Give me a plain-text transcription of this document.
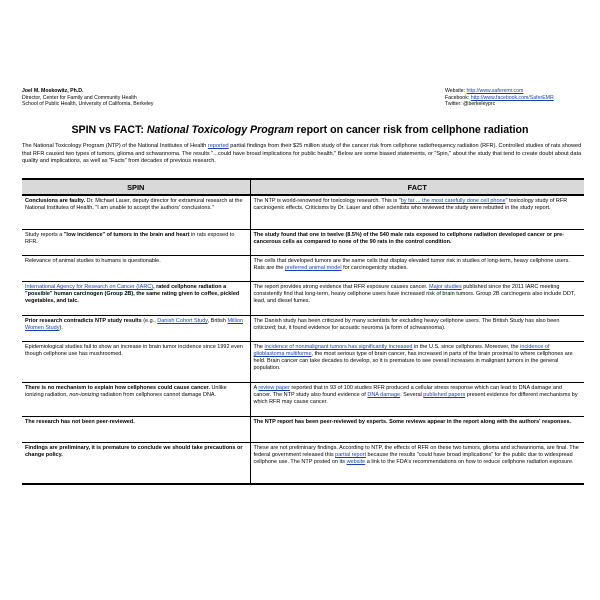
Joel M. Moskowitz, Ph.D.
Director, Center for Family and Community Health
School of Public Health, University of California, Berkeley
Website: http://www.saferemr.com
Facebook: http://www.facebook.com/SaferEMR
Twitter: @berkeleyprc
SPIN vs FACT: National Toxicology Program report on cancer risk from cellphone radiation
The National Toxicology Program (NTP) of the National Institutes of Health reported partial findings from their $25 million study of the cancer risk from cellphone radiofrequency radiation (RFR). Controlled studies of rats showed that RFR caused two types of tumors, glioma and schwannoma. The results "...could have broad implications for public health." Below are some biased statements, or "Spin," about the study that tend to create doubt about data quality and implications, as well as "Facts" from decades of previous research.
SPIN	FACT
Conclusions are faulty. Dr. Michael Lauer, deputy director for extramural research at the National Institutes of Health, "I am unable to accept the authors' conclusions."	The NTP is world-renowned for toxicology research. This is "by far ... the most carefully done cell phone" toxicology study of RFR carcinogenic effects. Criticisms by Dr. Lauer and other scientists who reviewed the study were rebutted in the study report.
Study reports a "low incidence" of tumors in the brain and heart in rats exposed to RFR.	The study found that one in twelve (8.5%) of the 540 male rats exposed to cellphone radiation developed cancer or pre-cancerous cells as compared to none of the 90 rats in the control condition.
Relevance of animal studies to humans is questionable.	The cells that developed tumors are the same cells that display elevated tumor risk in studies of long-term, heavy cellphone users. Rats are the preferred animal model for carcinogenicity studies.
International Agency for Research on Cancer (IARC), rated cellphone radiation a "possible" human carcinogen (Group 2B), the same rating given to coffee, pickled vegetables, and talc.	The report provides strong evidence that RFR exposure causes cancer. Major studies published since the 2011 IARC meeting consistently find that long-term, heavy cellphone users have increased risk of brain tumors. Group 2B carcinogens also include DDT, lead, and diesel fumes.
Prior research contradicts NTP study results (e.g., Danish Cohort Study, British Million Women Study).	The Danish study has been criticized by many scientists for excluding heavy cellphone users. The British Study has also been criticized; but, it found evidence for acoustic neuroma (a form of schwannoma).
Epidemiological studies fail to show an increase in brain tumor incidence since 1992 even though cellphone use has mushroomed.	The incidence of nonmalignant tumors has significantly increased in the U.S. since cellphones. Moreover, the incidence of glioblastoma multiforme, the most serious type of brain cancer, has increased in parts of the brain proximal to where cellphones are held. Brain cancer can take decades to develop, so it is premature to see overall increases in malignant tumors in the general population.
There is no mechanism to explain how cellphones could cause cancer. Unlike ionizing radiation, non-ionizing radiation from cellphones cannot damage DNA.	A review paper reported that in 93 of 100 studies RFR produced a cellular stress response which can lead to DNA damage and cancer. The NTP study also found evidence of DNA damage. Several published papers present evidence for different mechanisms by which RFR may cause cancer.
The research has not been peer-reviewed.	The NTP report has been peer-reviewed by experts. Some reviews appear in the report along with the authors' responses.
Findings are preliminary, it is premature to conclude we should take precautions or change policy.	These are not preliminary findings. According to NTP, the effects of RFR on these two tumors, glioma and schwannoma, are final. The federal government released this partial report because the results "could have broad implications" for the public due to widespread cellphone use. The NTP posted on its website a link to the FDA's recommendations on how to reduce cellphone radiation exposure.
